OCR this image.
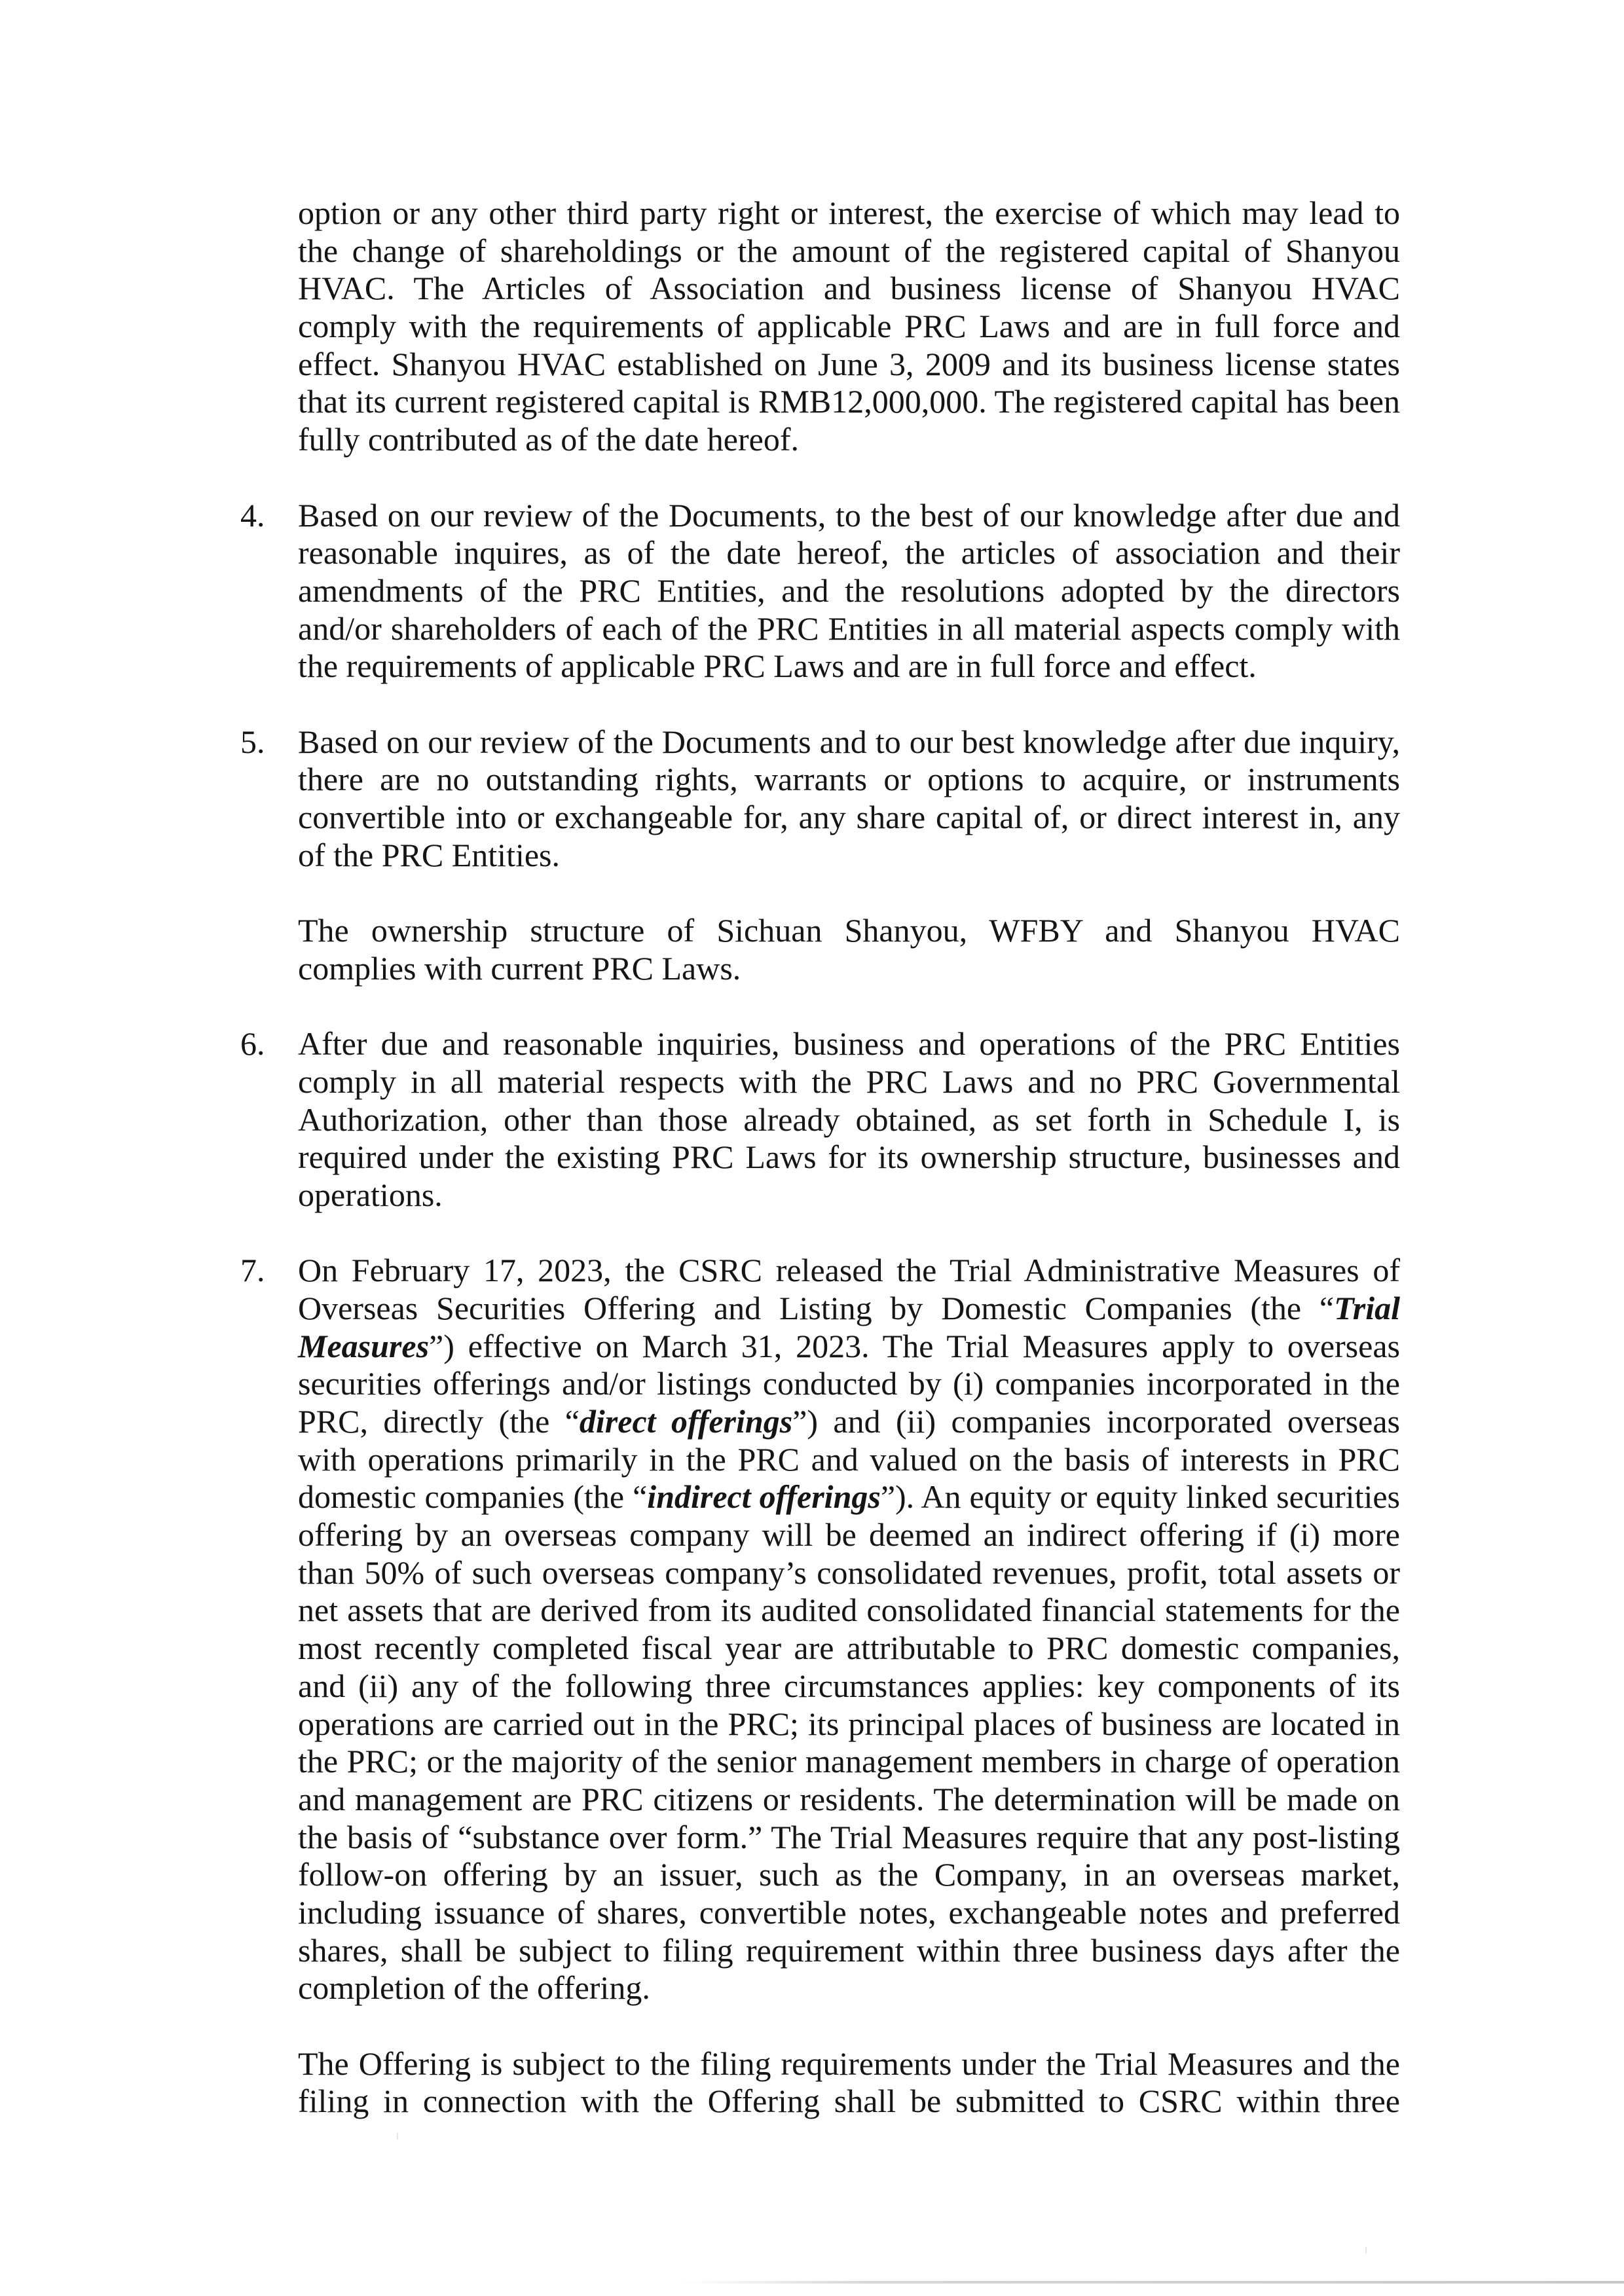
option or any other third party right or interest, the exercise of which may lead to
the change of shareholdings or the amount of the registered capital of Shanyou
HVAC. The Articles of Association and business license of Shanyou HVAC
comply with the requirements of applicable PRC Laws and are in full force and
effect. Shanyou HVAC established on June 3, 2009 and its business license states
that its current registered capital is RMB12,000,000. The registered capital has been
fully contributed as of the date hereof.
4.	Based on our review of the Documents, to the best of our knowledge after due and
reasonable inquires, as of the date hereof, the articles of association and their
amendments of the PRC Entities, and the resolutions adopted by the directors
and/or shareholders of each of the PRC Entities in all material aspects comply with
the requirements of applicable PRC Laws and are in full force and effect.
5.	Based on our review of the Documents and to our best knowledge after due inquiry,
there are no outstanding rights, warrants or options to acquire, or instruments
convertible into or exchangeable for, any share capital of, or direct interest in, any
of the PRC Entities.
The ownership structure of Sichuan Shanyou, WFBY and Shanyou HVAC
complies with current PRC Laws.
6.	After due and reasonable inquiries, business and operations of the PRC Entities
comply in all material respects with the PRC Laws and no PRC Governmental
Authorization, other than those already obtained, as set forth in Schedule I, is
required under the existing PRC Laws for its ownership structure, businesses and
operations.
7.	On February 17, 2023, the CSRC released the Trial Administrative Measures of
Overseas Securities Offering and Listing by Domestic Companies (the “Trial
Measures”) effective on March 31, 2023. The Trial Measures apply to overseas
securities offerings and/or listings conducted by (i) companies incorporated in the
PRC, directly (the “direct offerings”) and (ii) companies incorporated overseas
with operations primarily in the PRC and valued on the basis of interests in PRC
domestic companies (the “indirect offerings”). An equity or equity linked securities
offering by an overseas company will be deemed an indirect offering if (i) more
than 50% of such overseas company’s consolidated revenues, profit, total assets or
net assets that are derived from its audited consolidated financial statements for the
most recently completed fiscal year are attributable to PRC domestic companies,
and (ii) any of the following three circumstances applies: key components of its
operations are carried out in the PRC; its principal places of business are located in
the PRC; or the majority of the senior management members in charge of operation
and management are PRC citizens or residents. The determination will be made on
the basis of “substance over form.” The Trial Measures require that any post-listing
follow-on offering by an issuer, such as the Company, in an overseas market,
including issuance of shares, convertible notes, exchangeable notes and preferred
shares, shall be subject to filing requirement within three business days after the
completion of the offering.
The Offering is subject to the filing requirements under the Trial Measures and the
filing in connection with the Offering shall be submitted to CSRC within three
